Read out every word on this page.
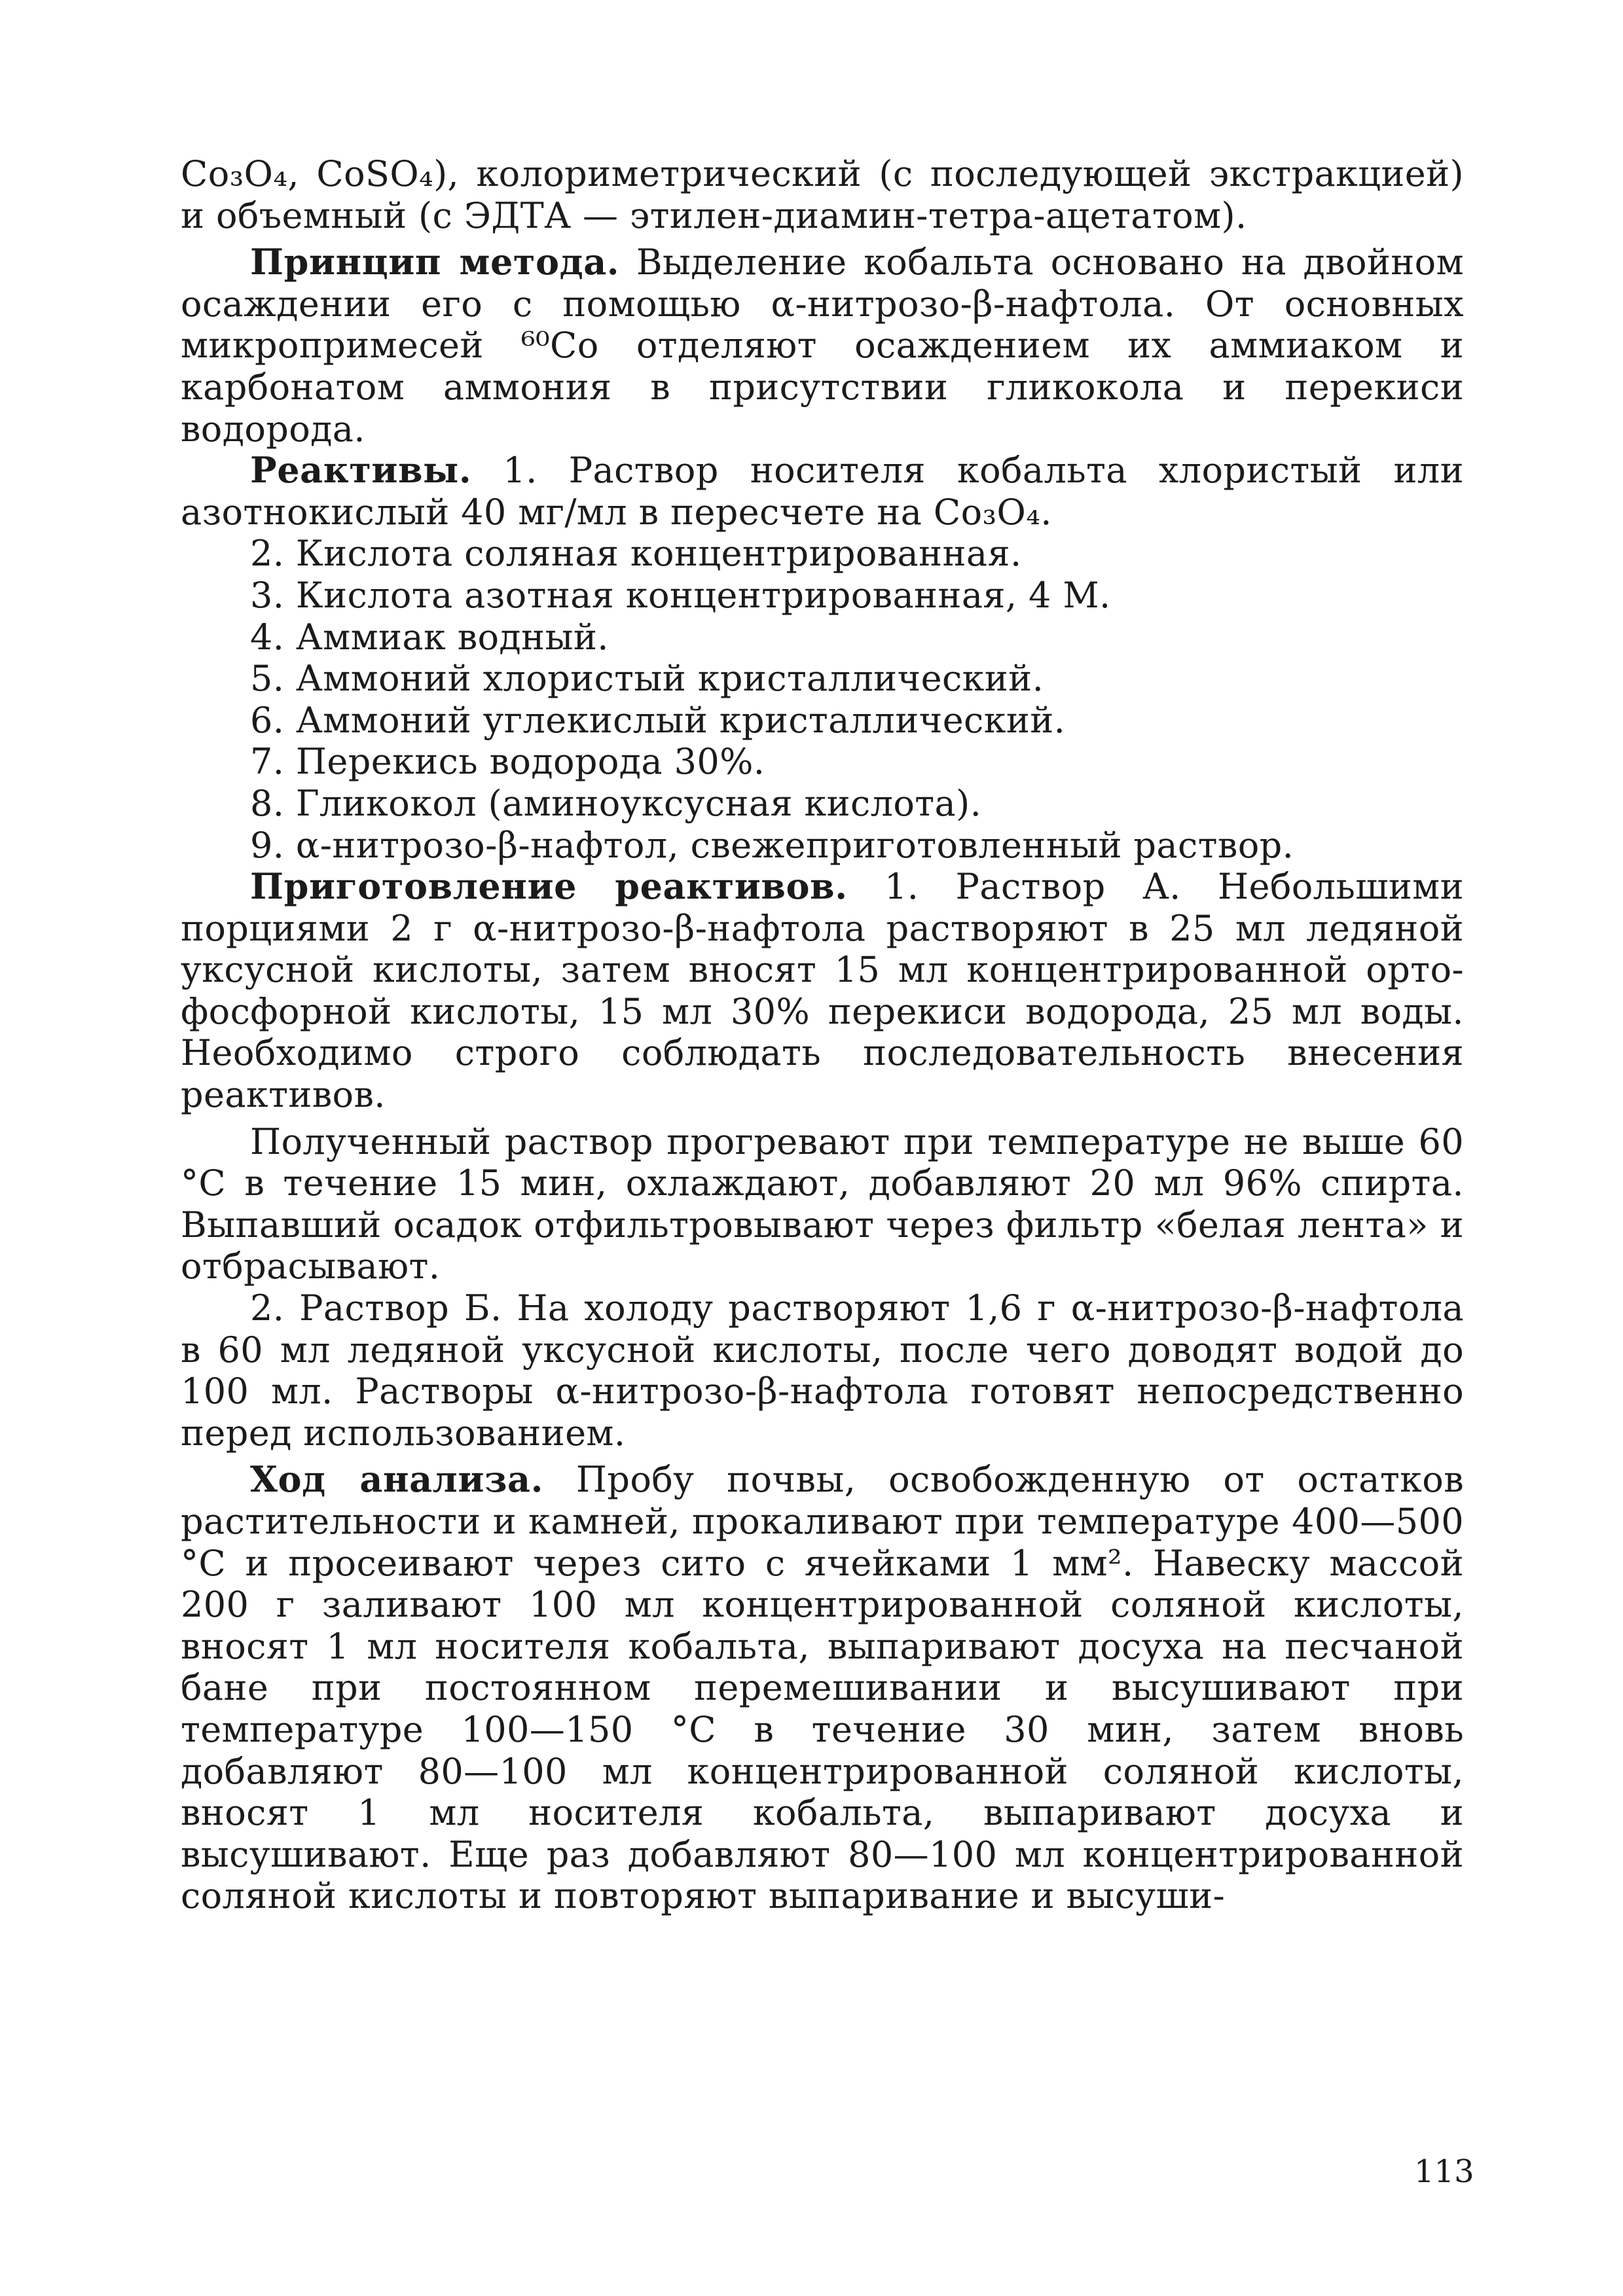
Co₃O₄, CoSO₄), колориметрический (с последующей экстракцией) и объемный (с ЭДТА — этилен-диамин-тетра-ацетатом).

Принцип метода. Выделение кобальта основано на двойном осаждении его с помощью α-нитрозо-β-нафтола. От основных микропримесей ⁶⁰Co отделяют осаждением их аммиаком и карбонатом аммония в присутствии гликокола и перекиси водорода.

Реактивы. 1. Раствор носителя кобальта хлористый или азотнокислый 40 мг/мл в пересчете на Co₃O₄.

2. Кислота соляная концентрированная.

3. Кислота азотная концентрированная, 4 М.

4. Аммиак водный.

5. Аммоний хлористый кристаллический.

6. Аммоний углекислый кристаллический.

7. Перекись водорода 30%.

8. Гликокол (аминоуксусная кислота).

9. α-нитрозо-β-нафтол, свежеприготовленный раствор.

Приготовление реактивов. 1. Раствор А. Небольшими порциями 2 г α-нитрозо-β-нафтола растворяют в 25 мл ледяной уксусной кислоты, затем вносят 15 мл концентрированной орто-фосфорной кислоты, 15 мл 30% перекиси водорода, 25 мл воды. Необходимо строго соблюдать последовательность внесения реактивов.

Полученный раствор прогревают при температуре не выше 60 °С в течение 15 мин, охлаждают, добавляют 20 мл 96% спирта. Выпавший осадок отфильтровывают через фильтр «белая лента» и отбрасывают.

2. Раствор Б. На холоду растворяют 1,6 г α-нитрозо-β-нафтола в 60 мл ледяной уксусной кислоты, после чего доводят водой до 100 мл. Растворы α-нитрозо-β-нафтола готовят непосредственно перед использованием.

Ход анализа. Пробу почвы, освобожденную от остатков растительности и камней, прокаливают при температуре 400—500 °С и просеивают через сито с ячейками 1 мм². Навеску массой 200 г заливают 100 мл концентрированной соляной кислоты, вносят 1 мл носителя кобальта, выпаривают досуха на песчаной бане при постоянном перемешивании и высушивают при температуре 100—150 °С в течение 30 мин, затем вновь добавляют 80—100 мл концентрированной соляной кислоты, вносят 1 мл носителя кобальта, выпаривают досуха и высушивают. Еще раз добавляют 80—100 мл концентрированной соляной кислоты и повторяют выпаривание и высуши-

113
